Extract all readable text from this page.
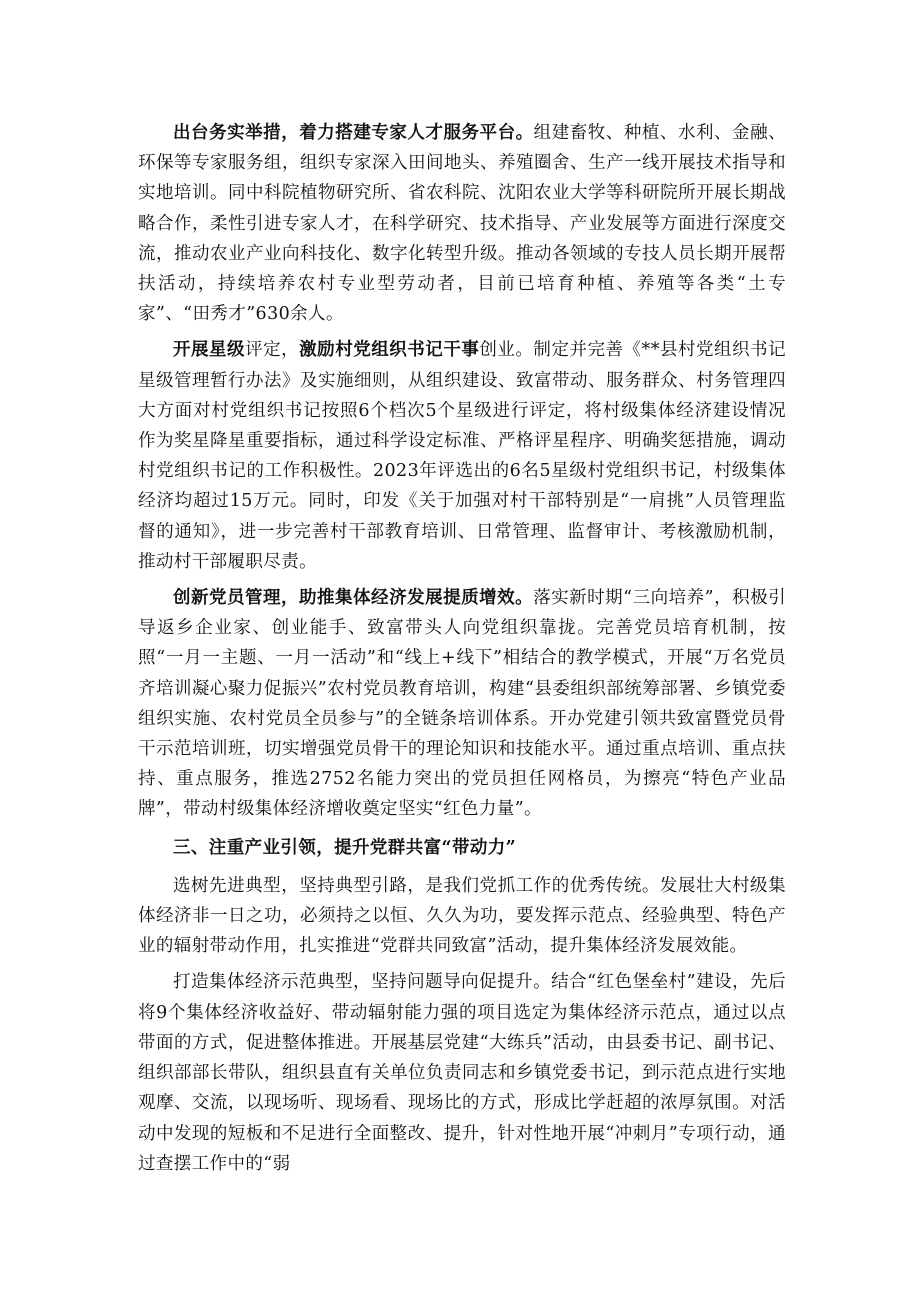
出台务实举措，着力搭建专家人才服务平台。组建畜牧、种植、水利、金融、环保等专家服务组，组织专家深入田间地头、养殖圈舍、生产一线开展技术指导和实地培训。同中科院植物研究所、省农科院、沈阳农业大学等科研院所开展长期战略合作，柔性引进专家人才，在科学研究、技术指导、产业发展等方面进行深度交流，推动农业产业向科技化、数字化转型升级。推动各领域的专技人员长期开展帮扶活动，持续培养农村专业型劳动者，目前已培育种植、养殖等各类“土专家”、“田秀才”630余人。

开展星级评定，激励村党组织书记干事创业。制定并完善《**县村党组织书记星级管理暂行办法》及实施细则，从组织建设、致富带动、服务群众、村务管理四大方面对村党组织书记按照6个档次5个星级进行评定，将村级集体经济建设情况作为奖星降星重要指标，通过科学设定标准、严格评星程序、明确奖惩措施，调动村党组织书记的工作积极性。2023年评选出的6名5星级村党组织书记，村级集体经济均超过15万元。同时，印发《关于加强对村干部特别是“一肩挑”人员管理监督的通知》，进一步完善村干部教育培训、日常管理、监督审计、考核激励机制，推动村干部履职尽责。

创新党员管理，助推集体经济发展提质增效。落实新时期“三向培养”，积极引导返乡企业家、创业能手、致富带头人向党组织靠拢。完善党员培育机制，按照“一月一主题、一月一活动”和“线上+线下”相结合的教学模式，开展“万名党员齐培训凝心聚力促振兴”农村党员教育培训，构建“县委组织部统筹部署、乡镇党委组织实施、农村党员全员参与”的全链条培训体系。开办党建引领共致富暨党员骨干示范培训班，切实增强党员骨干的理论知识和技能水平。通过重点培训、重点扶持、重点服务，推选2752名能力突出的党员担任网格员，为擦亮“特色产业品牌”，带动村级集体经济增收奠定坚实“红色力量”。

三、注重产业引领，提升党群共富“带动力”

选树先进典型，坚持典型引路，是我们党抓工作的优秀传统。发展壮大村级集体经济非一日之功，必须持之以恒、久久为功，要发挥示范点、经验典型、特色产业的辐射带动作用，扎实推进“党群共同致富”活动，提升集体经济发展效能。

打造集体经济示范典型，坚持问题导向促提升。结合“红色堡垒村”建设，先后将9个集体经济收益好、带动辐射能力强的项目选定为集体经济示范点，通过以点带面的方式，促进整体推进。开展基层党建“大练兵”活动，由县委书记、副书记、组织部部长带队，组织县直有关单位负责同志和乡镇党委书记，到示范点进行实地观摩、交流，以现场听、现场看、现场比的方式，形成比学赶超的浓厚氛围。对活动中发现的短板和不足进行全面整改、提升，针对性地开展“冲刺月”专项行动，通过查摆工作中的“弱
